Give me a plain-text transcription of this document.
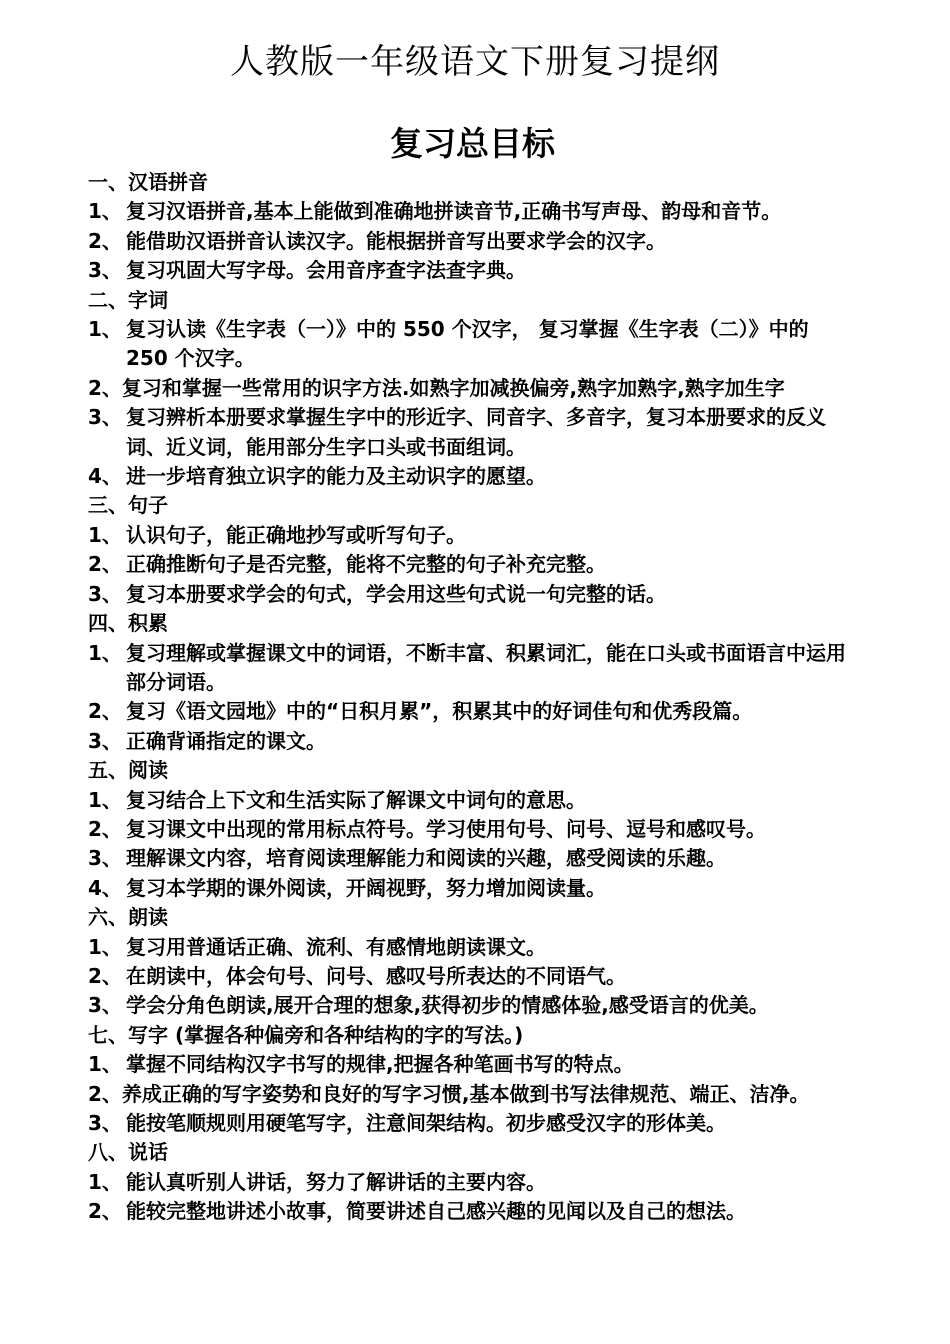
人教版一年级语文下册复习提纲
复习总目标
一、汉语拼音
1、 复习汉语拼音,基本上能做到准确地拼读音节,正确书写声母、韵母和音节。
2、 能借助汉语拼音认读汉字。能根据拼音写出要求学会的汉字。
3、 复习巩固大写字母。会用音序查字法查字典。
二、字词
1、 复习认读《生字表（一）》中的 550 个汉字， 复习掌握《生字表（二）》中的 250 个汉字。
2、复习和掌握一些常用的识字方法.如熟字加减换偏旁,熟字加熟字,熟字加生字
3、 复习辨析本册要求掌握生字中的形近字、同音字、多音字，复习本册要求的反义词、近义词，能用部分生字口头或书面组词。
4、 进一步培育独立识字的能力及主动识字的愿望。
三、句子
1、 认识句子，能正确地抄写或听写句子。
2、 正确推断句子是否完整，能将不完整的句子补充完整。
3、 复习本册要求学会的句式，学会用这些句式说一句完整的话。
四、积累
1、 复习理解或掌握课文中的词语，不断丰富、积累词汇，能在口头或书面语言中运用部分词语。
2、 复习《语文园地》中的“日积月累”，积累其中的好词佳句和优秀段篇。
3、 正确背诵指定的课文。
五、阅读
1、 复习结合上下文和生活实际了解课文中词句的意思。
2、 复习课文中出现的常用标点符号。学习使用句号、问号、逗号和感叹号。
3、 理解课文内容，培育阅读理解能力和阅读的兴趣，感受阅读的乐趣。
4、 复习本学期的课外阅读，开阔视野，努力增加阅读量。
六、朗读
1、 复习用普通话正确、流利、有感情地朗读课文。
2、 在朗读中，体会句号、问号、感叹号所表达的不同语气。
3、 学会分角色朗读,展开合理的想象,获得初步的情感体验,感受语言的优美。
七、写字 (掌握各种偏旁和各种结构的字的写法。)
1、 掌握不同结构汉字书写的规律,把握各种笔画书写的特点。
2、养成正确的写字姿势和良好的写字习惯,基本做到书写法律规范、端正、洁净。
3、 能按笔顺规则用硬笔写字，注意间架结构。初步感受汉字的形体美。
八、说话
1、 能认真听别人讲话，努力了解讲话的主要内容。
2、 能较完整地讲述小故事，简要讲述自己感兴趣的见闻以及自己的想法。
